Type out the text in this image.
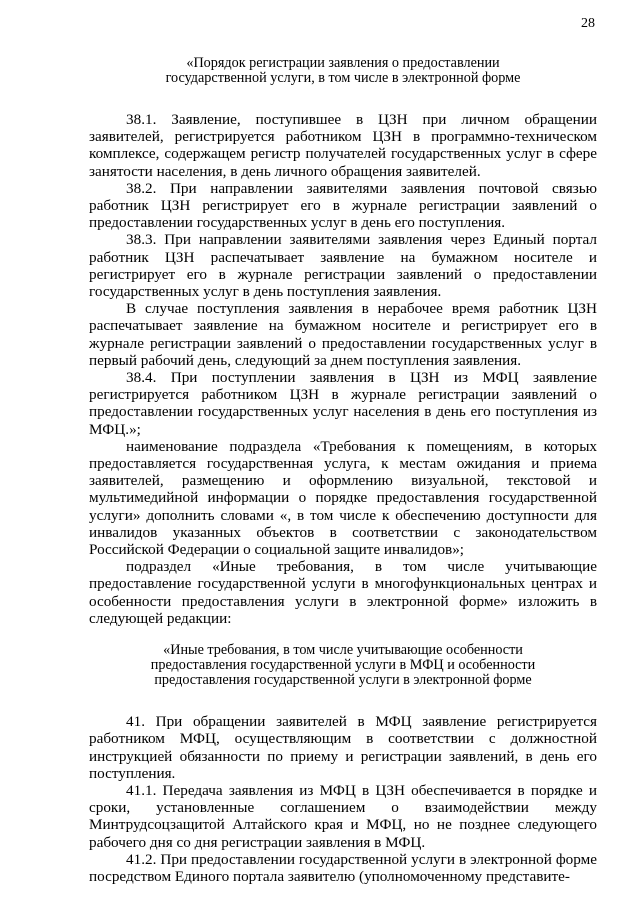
28
«Порядок регистрации заявления о предоставлении
государственной услуги, в том числе в электронной форме

38.1. Заявление, поступившее в ЦЗН при личном обращении заявителей, регистрируется работником ЦЗН в программно-техническом комплексе, содержащем регистр получателей государственных услуг в сфере занятости населения, в день личного обращения заявителей.

38.2. При направлении заявителями заявления почтовой связью работник ЦЗН регистрирует его в журнале регистрации заявлений о предоставлении государственных услуг в день его поступления.

38.3. При направлении заявителями заявления через Единый портал работник ЦЗН распечатывает заявление на бумажном носителе и регистрирует его в журнале регистрации заявлений о предоставлении государственных услуг в день поступления заявления.

В случае поступления заявления в нерабочее время работник ЦЗН распечатывает заявление на бумажном носителе и регистрирует его в журнале регистрации заявлений о предоставлении государственных услуг в первый рабочий день, следующий за днем поступления заявления.

38.4. При поступлении заявления в ЦЗН из МФЦ заявление регистрируется работником ЦЗН в журнале регистрации заявлений о предоставлении государственных услуг населения в день его поступления из МФЦ.»;

наименование подраздела «Требования к помещениям, в которых предоставляется государственная услуга, к местам ожидания и приема заявителей, размещению и оформлению визуальной, текстовой и мультимедийной информации о порядке предоставления государственной услуги» дополнить словами «, в том числе к обеспечению доступности для инвалидов указанных объектов в соответствии с законодательством Российской Федерации о социальной защите инвалидов»;

подраздел «Иные требования, в том числе учитывающие предоставление государственной услуги в многофункциональных центрах и особенности предоставления услуги в электронной форме» изложить в следующей редакции:

«Иные требования, в том числе учитывающие особенности
предоставления государственной услуги в МФЦ и особенности
предоставления государственной услуги в электронной форме

41. При обращении заявителей в МФЦ заявление регистрируется работником МФЦ, осуществляющим в соответствии с должностной инструкцией обязанности по приему и регистрации заявлений, в день его поступления.

41.1. Передача заявления из МФЦ в ЦЗН обеспечивается в порядке и сроки, установленные соглашением о взаимодействии между Минтрудсоцзащитой Алтайского края и МФЦ, но не позднее следующего рабочего дня со дня регистрации заявления в МФЦ.

41.2. При предоставлении государственной услуги в электронной форме посредством Единого портала заявителю (уполномоченному представите-
